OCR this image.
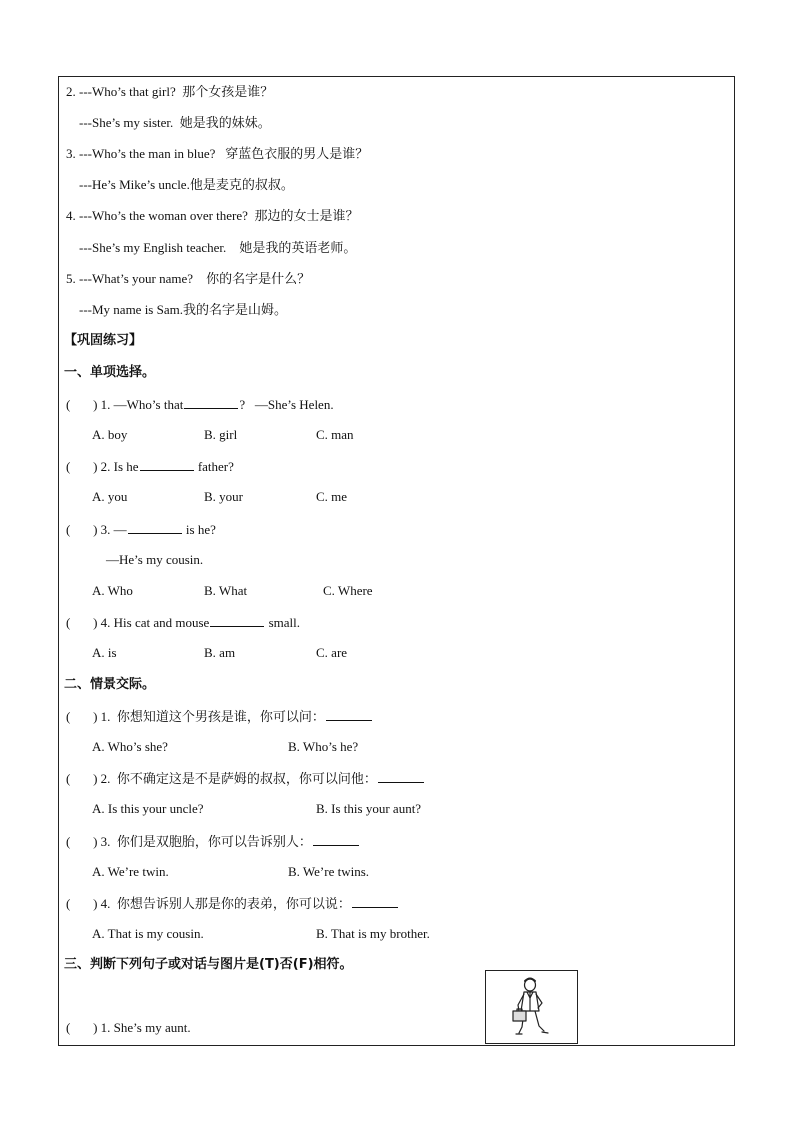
2. ---Who’s that girl? 那个女孩是谁？
---She’s my sister. 她是我的妹妹。
3. ---Who’s the man in blue? 穿蓝色衣服的男人是谁？
---He’s Mike’s uncle.他是麦克的叔叔。
4. ---Who’s the woman over there? 那边的女士是谁？
---She’s my English teacher. 她是我的英语老师。
5. ---What’s your name? 你的名字是什么？
---My name is Sam.我的名字是山姆。
【巩固练习】
一、单项选择。
(       ) 1. —Who’s that	?   —She’s Helen.
A. boy	B. girl	C. man
(       ) 2. Is he	father?
A. you	B. your	C. me
(       ) 3. —	is he?
—He’s my cousin.
A. Who	B. What	C. Where
(       ) 4. His cat and mouse	small.
A. is	B. am	C. are
二、情景交际。
(       ) 1.  你想知道这个男孩是谁，你可以问：
A. Who’s she?	B. Who’s he?
(       ) 2.  你不确定这是不是萨姆的叔叔，你可以问他：
A. Is this your uncle?	B. Is this your aunt?
(       ) 3.  你们是双胞胎，你可以告诉别人：
A. We’re twin.	B. We’re twins.
(       ) 4.  你想告诉别人那是你的表弟，你可以说：
A. That is my cousin.	B. That is my brother.
三、判断下列句子或对话与图片是(T)否(F)相符。
(       ) 1. She’s my aunt.
